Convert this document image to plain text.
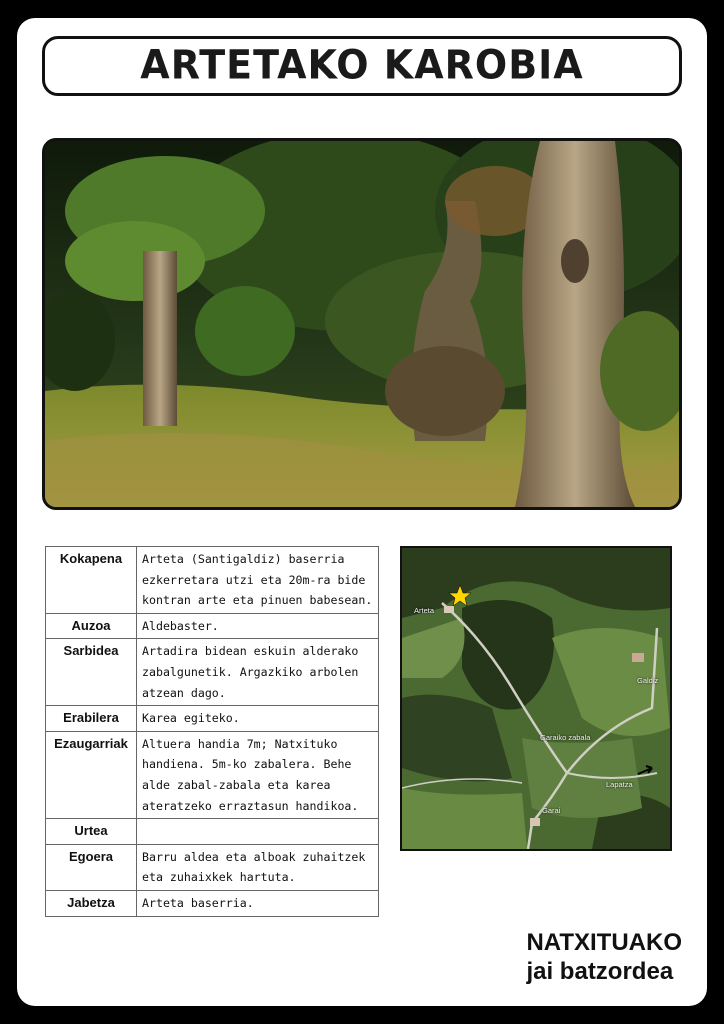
ARTETAKO KAROBIA
Kokapena	Arteta (Santigaldiz) baserria ezkerretara utzi eta 20m-ra bide kontran arte eta pinuen babesean.
Auzoa	Aldebaster.
Sarbidea	Artadira bidean eskuin alderako zabalgunetik. Argazkiko arbolen atzean dago.
Erabilera	Karea egiteko.
Ezaugarriak	Altuera handia 7m; Natxituko handiena. 5m-ko zabalera. Behe alde zabal-zabala eta karea ateratzeko erraztasun handikoa.
Urtea	
Egoera	Barru aldea eta alboak zuhaitzek eta zuhaixkek hartuta.
Jabetza	Arteta baserria.
Arteta
Galdiz
Garaiko zabala
Lapatza
Garai
NATXITUAKO
jai batzordea
